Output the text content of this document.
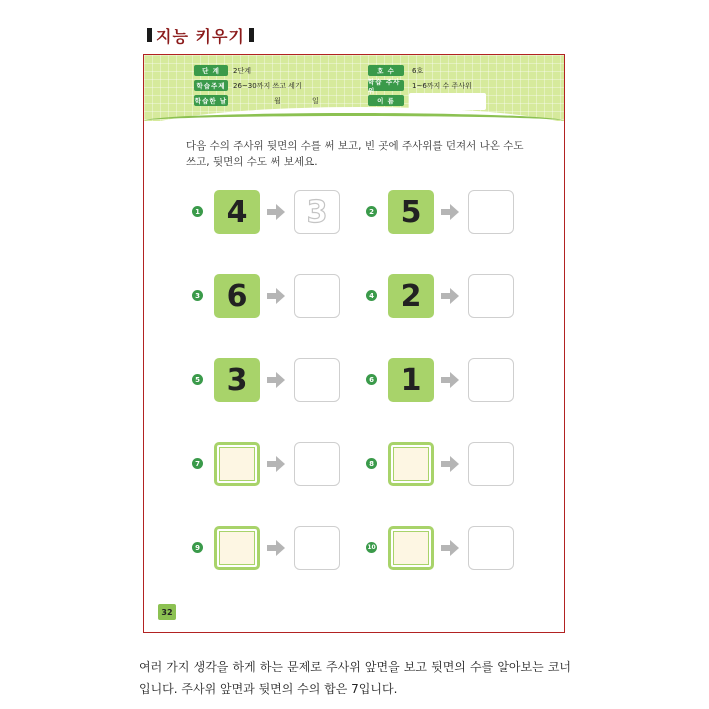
지능 키우기
단 계	2단계	호 수	6호
학습주제	26~30까지 쓰고 세기
학습 주사위
1~6까지 수 주사위
학습한 날	월	일	이 름
다음 수의 주사위 뒷면의 수를 써 보고, 빈 곳에 주사위를 던져서 나온 수도 쓰고, 뒷면의 수도 써 보세요.
1 4	3	2 5
3 6	4 2
5 3	6 1
7	8
9	10
32
여러 가지 생각을 하게 하는 문제로 주사위 앞면을 보고 뒷면의 수를 알아보는 코너입니다. 주사위 앞면과 뒷면의 수의 합은 7입니다.
